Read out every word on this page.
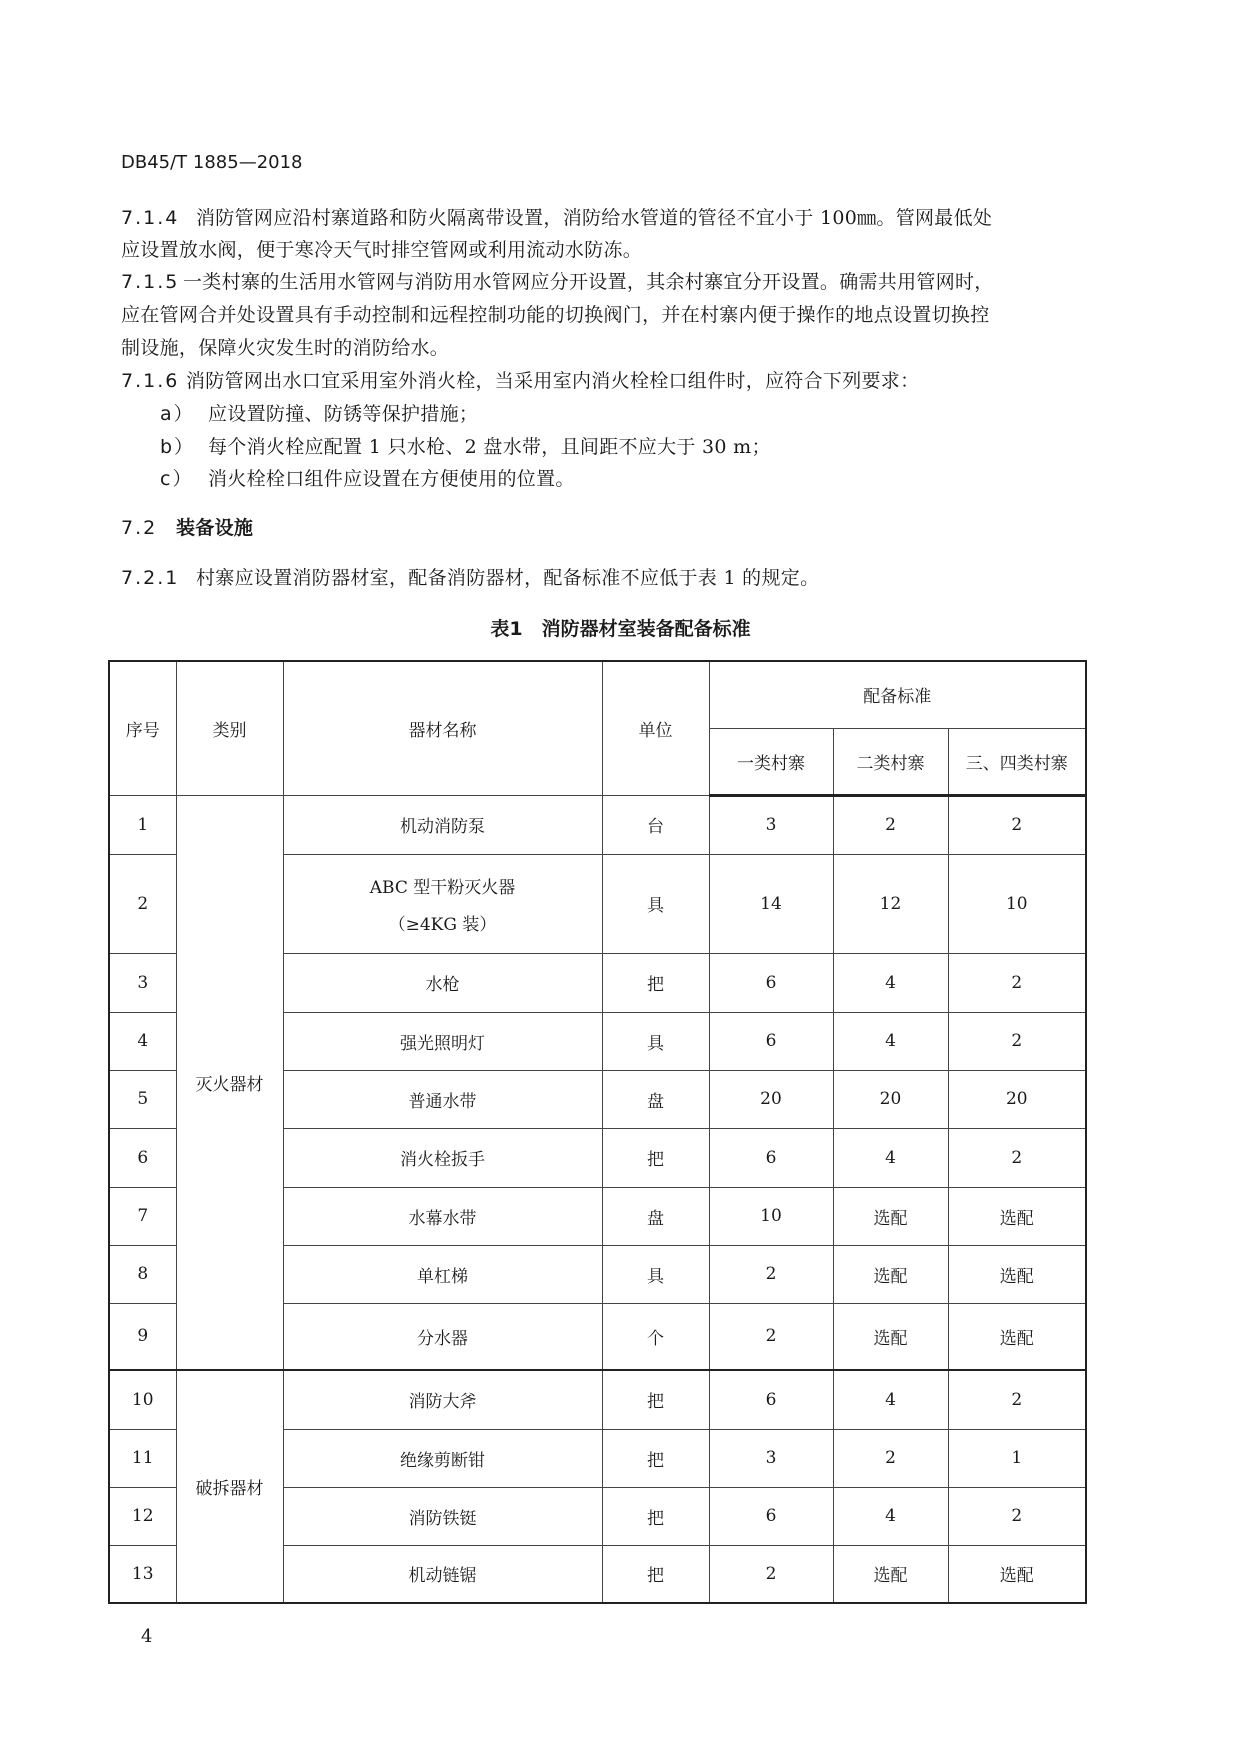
DB45/T 1885—2018
7.1.4 消防管网应沿村寨道路和防火隔离带设置，消防给水管道的管径不宜小于 100㎜。管网最低处
应设置放水阀，便于寒冷天气时排空管网或利用流动水防冻。
7.1.5 一类村寨的生活用水管网与消防用水管网应分开设置，其余村寨宜分开设置。确需共用管网时，
应在管网合并处设置具有手动控制和远程控制功能的切换阀门，并在村寨内便于操作的地点设置切换控
制设施，保障火灾发生时的消防给水。
7.1.6 消防管网出水口宜采用室外消火栓，当采用室内消火栓栓口组件时，应符合下列要求：
a） 应设置防撞、防锈等保护措施；
b） 每个消火栓应配置 1 只水枪、2 盘水带，且间距不应大于 30 m；
c） 消火栓栓口组件应设置在方便使用的位置。
7.2 装备设施
7.2.1 村寨应设置消防器材室，配备消防器材，配备标准不应低于表 1 的规定。
表1　消防器材室装备配备标准
序号	类别	器材名称	单位	配备标准		
				一类村寨	二类村寨	三、四类村寨
1	灭火器材	机动消防泵	台	3	2	2
2		ABC 型干粉灭火器
（≥4KG 装）	具	14	12	10
3		水枪	把	6	4	2
4		强光照明灯	具	6	4	2
5		普通水带	盘	20	20	20
6		消火栓扳手	把	6	4	2
7		水幕水带	盘	10	选配	选配
8		单杠梯	具	2	选配	选配
9		分水器	个	2	选配	选配
10	破拆器材	消防大斧	把	6	4	2
11		绝缘剪断钳	把	3	2	1
12		消防铁铤	把	6	4	2
13		机动链锯	把	2	选配	选配
4
